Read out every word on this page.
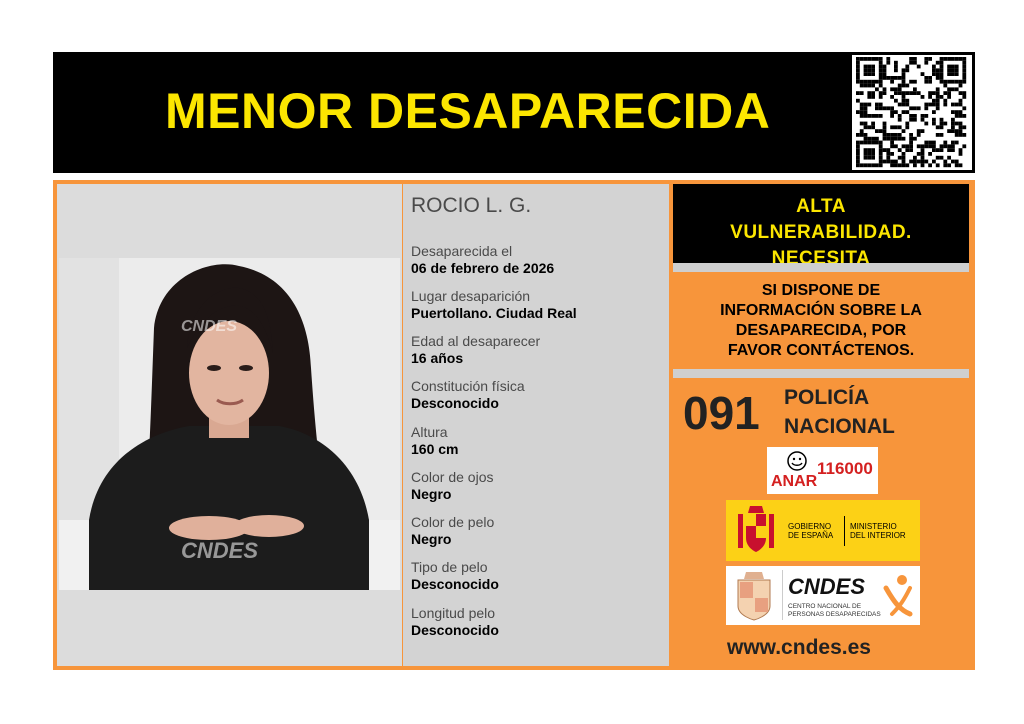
MENOR DESAPARECIDA
CNDES
CNDES
ROCIO L. G.
Desaparecida el
06 de febrero de 2026
Lugar desaparición
Puertollano. Ciudad Real
Edad al desaparecer
16 años
Constitución física
Desconocido
Altura
160 cm
Color de ojos
Negro
Color de pelo
Negro
Tipo de pelo
Desconocido
Longitud pelo
Desconocido
ALTA
VULNERABILIDAD.
NECESITA
SI DISPONE DE
INFORMACIÓN SOBRE LA
DESAPARECIDA, POR
FAVOR CONTÁCTENOS.
091 POLICÍA
NACIONAL
ANAR
116000
GOBIERNO
DE ESPAÑA
MINISTERIO
DEL INTERIOR
CNDES
CENTRO NACIONAL DE
PERSONAS DESAPARECIDAS
www.cndes.es
